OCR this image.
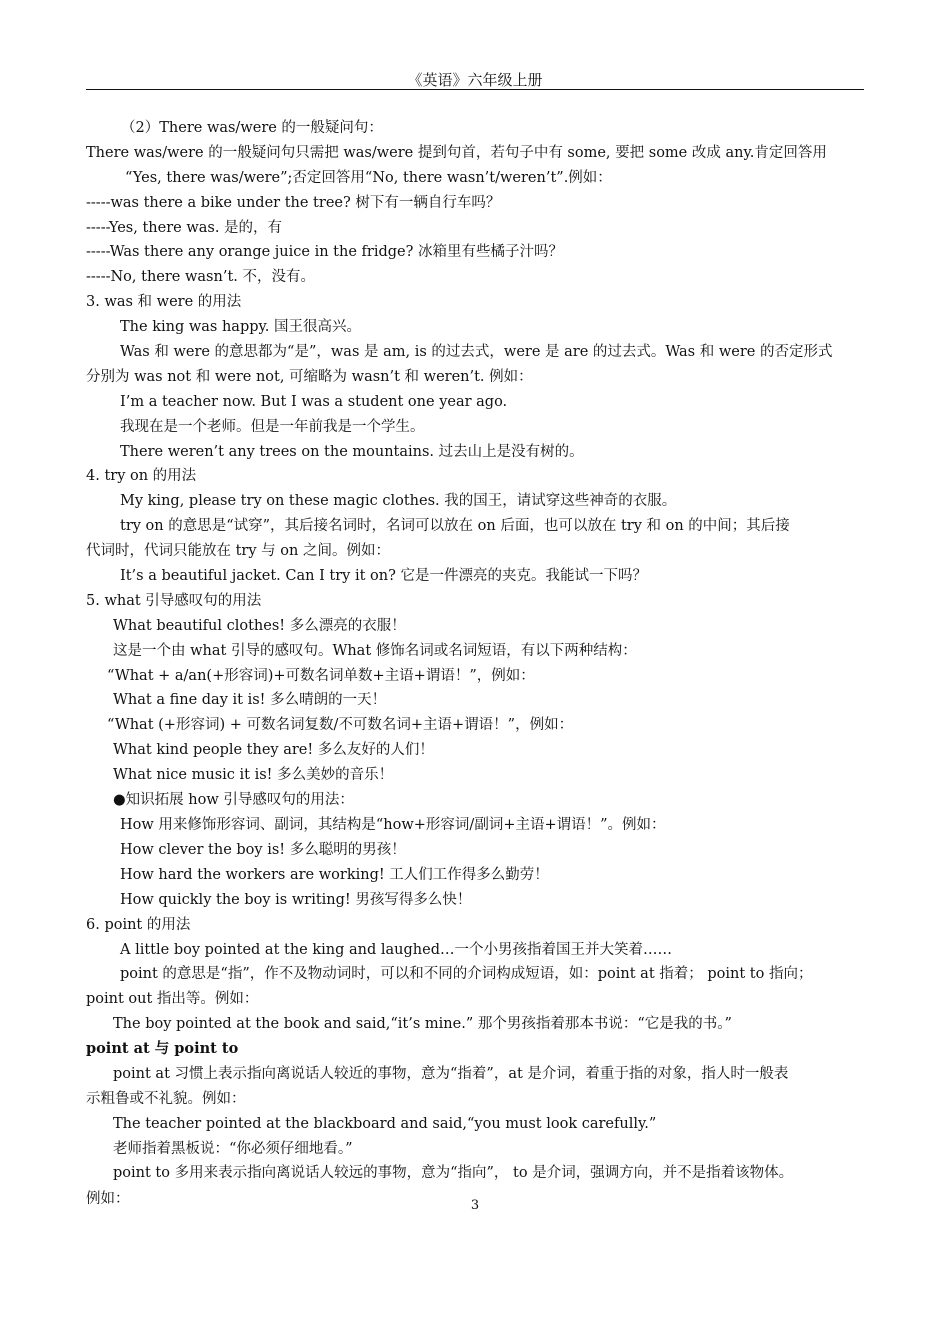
《英语》六年级上册
（2）There was/were 的一般疑问句：
There was/were 的一般疑问句只需把 was/were 提到句首，若句子中有 some, 要把 some 改成 any.肯定回答用
“Yes, there was/were”;否定回答用“No, there wasn’t/weren’t”.例如：
-----was there a bike under the tree? 树下有一辆自行车吗？
-----Yes, there was. 是的，有
-----Was there any orange juice in the fridge? 冰箱里有些橘子汁吗？
-----No, there wasn’t. 不，没有。
3. was 和 were 的用法
The king was happy. 国王很高兴。
Was 和 were 的意思都为“是”，was 是 am, is 的过去式，were 是 are 的过去式。Was 和 were 的否定形式
分别为 was not 和 were not, 可缩略为 wasn’t 和 weren’t. 例如：
I’m a teacher now. But I was a student one year ago.
我现在是一个老师。但是一年前我是一个学生。
There weren’t any trees on the mountains. 过去山上是没有树的。
4. try on 的用法
My king, please try on these magic clothes. 我的国王，请试穿这些神奇的衣服。
try on 的意思是“试穿”，其后接名词时，名词可以放在 on 后面，也可以放在 try 和 on 的中间；其后接
代词时，代词只能放在 try 与 on 之间。例如：
It’s a beautiful jacket. Can I try it on? 它是一件漂亮的夹克。我能试一下吗？
5. what 引导感叹句的用法
What beautiful clothes! 多么漂亮的衣服！
这是一个由 what 引导的感叹句。What 修饰名词或名词短语，有以下两种结构：
“What + a/an(+形容词)+可数名词单数+主语+谓语！”，例如：
What a fine day it is! 多么晴朗的一天！
“What (+形容词) + 可数名词复数/不可数名词+主语+谓语！”，例如：
What kind people they are! 多么友好的人们！
What nice music it is! 多么美妙的音乐！
●知识拓展 how 引导感叹句的用法：
How 用来修饰形容词、副词，其结构是“how+形容词/副词+主语+谓语！”。例如：
How clever the boy is! 多么聪明的男孩！
How hard the workers are working! 工人们工作得多么勤劳！
How quickly the boy is writing! 男孩写得多么快！
6. point 的用法
A little boy pointed at the king and laughed…一个小男孩指着国王并大笑着……
point 的意思是“指”，作不及物动词时，可以和不同的介词构成短语，如：point at 指着； point to 指向；
point out 指出等。例如：
The boy pointed at the book and said,“it’s mine.” 那个男孩指着那本书说：“它是我的书。”
point at 与 point to
point at 习惯上表示指向离说话人较近的事物，意为“指着”，at 是介词，着重于指的对象，指人时一般表
示粗鲁或不礼貌。例如：
The teacher pointed at the blackboard and said,“you must look carefully.”
老师指着黑板说：“你必须仔细地看。”
point to 多用来表示指向离说话人较远的事物，意为“指向”， to 是介词，强调方向，并不是指着该物体。
例如：	3
